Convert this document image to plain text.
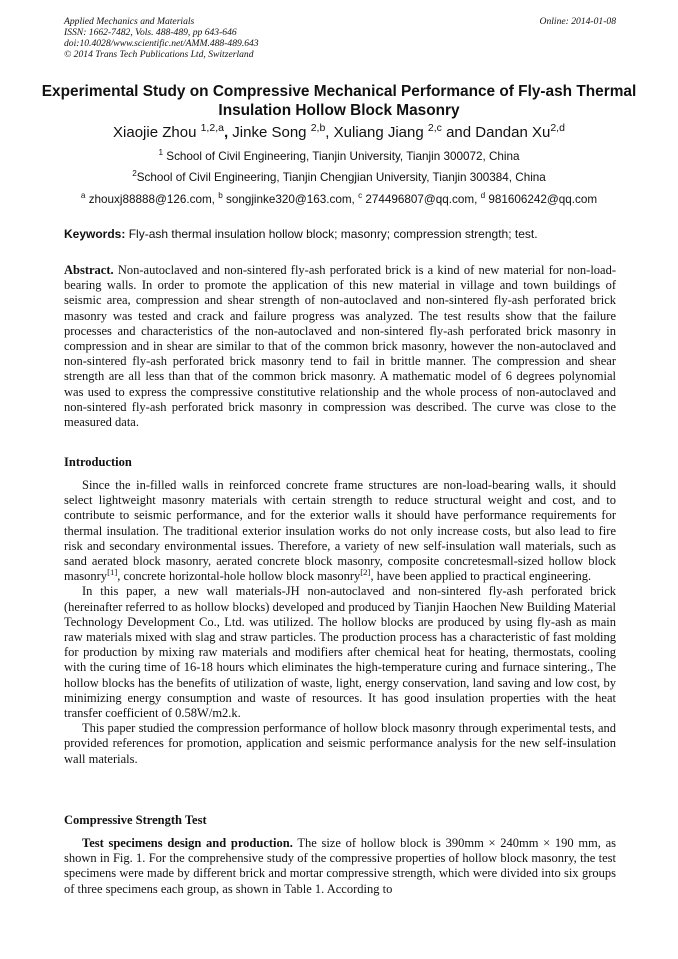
Applied Mechanics and Materials
ISSN: 1662-7482, Vols. 488-489, pp 643-646
doi:10.4028/www.scientific.net/AMM.488-489.643
© 2014 Trans Tech Publications Ltd, Switzerland
Online: 2014-01-08
Experimental Study on Compressive Mechanical Performance of Fly-ash Thermal Insulation Hollow Block Masonry
Xiaojie Zhou $^{1,2,a}$, Jinke Song $^{2,b}$, Xuliang Jiang $^{2,c}$ and Dandan Xu$^{2,d}$
$^1$ School of Civil Engineering, Tianjin University, Tianjin 300072, China
$^2$School of Civil Engineering, Tianjin Chengjian University, Tianjin 300384, China
$^a$ zhouxj88888@126.com, $^b$ songjinke320@163.com, $^c$ 274496807@qq.com, $^d$ 981606242@qq.com
Keywords: Fly-ash thermal insulation hollow block; masonry; compression strength; test.

Abstract. Non-autoclaved and non-sintered fly-ash perforated brick is a kind of new material for non-load-bearing walls. In order to promote the application of this new material in village and town buildings of seismic area, compression and shear strength of non-autoclaved and non-sintered fly-ash perforated brick masonry was tested and crack and failure progress was analyzed. The test results show that the failure processes and characteristics of the non-autoclaved and non-sintered fly-ash perforated brick masonry in compression and in shear are similar to that of the common brick masonry, however the non-autoclaved and non-sintered fly-ash perforated brick masonry tend to fail in brittle manner. The compression and shear strength are all less than that of the common brick masonry. A mathematic model of 6 degrees polynomial was used to express the compressive constitutive relationship and the whole process of non-autoclaved and non-sintered fly-ash perforated brick masonry in compression was described. The curve was close to the measured data.

Introduction

Since the in-filled walls in reinforced concrete frame structures are non-load-bearing walls, it should select lightweight masonry materials with certain strength to reduce structural weight and cost, and to contribute to seismic performance, and for the exterior walls it should have performance requirements for thermal insulation. The traditional exterior insulation works do not only increase costs, but also lead to fire risk and secondary environmental issues. Therefore, a variety of new self-insulation wall materials, such as sand aerated block masonry, aerated concrete block masonry, composite concretesmall-sized hollow block masonry[1], concrete horizontal-hole hollow block masonry[2], have been applied to practical engineering.

In this paper, a new wall materials-JH non-autoclaved and non-sintered fly-ash perforated brick (hereinafter referred to as hollow blocks) developed and produced by Tianjin Haochen New Building Material Technology Development Co., Ltd. was utilized. The hollow blocks are produced by using fly-ash as main raw materials mixed with slag and straw particles. The production process has a characteristic of fast molding for production by mixing raw materials and modifiers after chemical heat for heating, thermostats, cooling with the curing time of 16-18 hours which eliminates the high-temperature curing and furnace sintering., The hollow blocks has the benefits of utilization of waste, light, energy conservation, land saving and low cost, by minimizing energy consumption and waste of resources. It has good insulation properties with the heat transfer coefficient of 0.58W/m2.k.

This paper studied the compression performance of hollow block masonry through experimental tests, and provided references for promotion, application and seismic performance analysis for the new self-insulation wall materials.

Compressive Strength Test

Test specimens design and production. The size of hollow block is 390mm × 240mm × 190 mm, as shown in Fig. 1. For the comprehensive study of the compressive properties of hollow block masonry, the test specimens were made by different brick and mortar compressive strength, which were divided into six groups of three specimens each group, as shown in Table 1. According to
